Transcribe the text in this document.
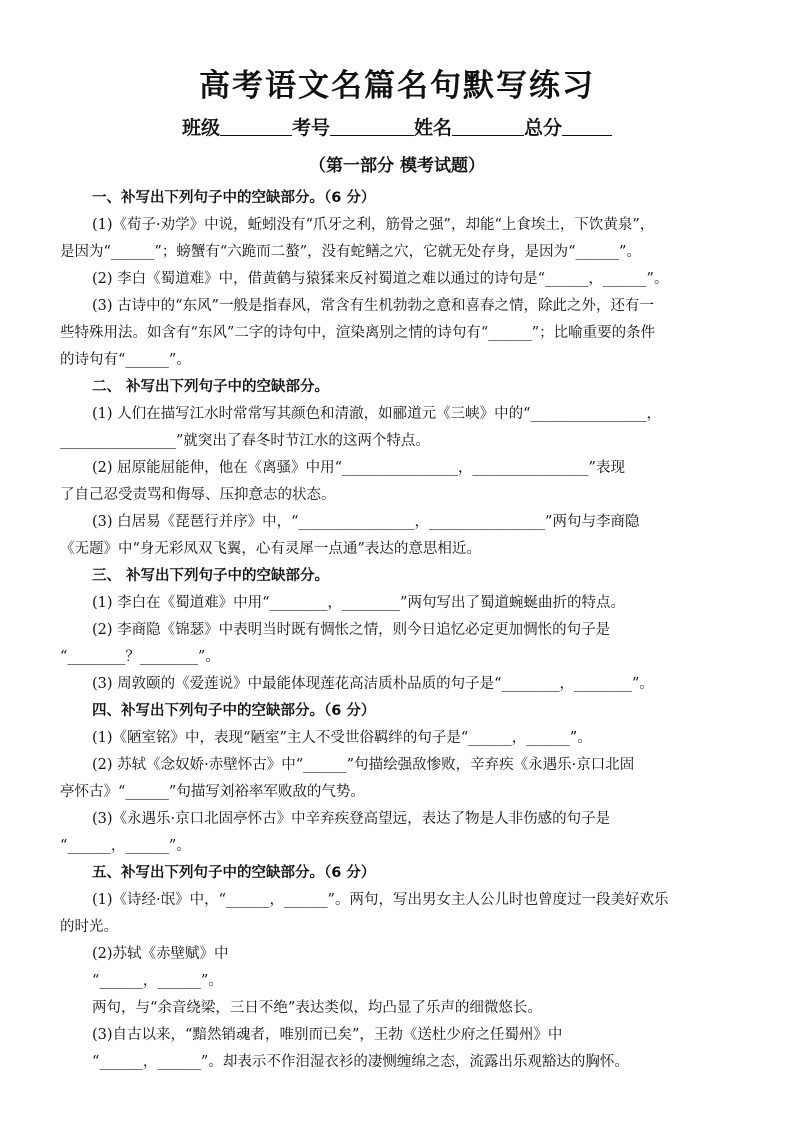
高考语文名篇名句默写练习
班级	考号	姓名	总分
（第一部分 模考试题）
一、补写出下列句子中的空缺部分。（6 分）
(1)《荀子·劝学》中说，蚯蚓没有“爪牙之利，筋骨之强”，却能“上食埃土，下饮黄泉”，
是因为“______”；螃蟹有“六跪而二螯”，没有蛇鳝之穴，它就无处存身，是因为“______”。
(2) 李白《蜀道难》中，借黄鹤与猿猱来反衬蜀道之难以通过的诗句是“______，______”。
(3) 古诗中的“东风”一般是指春风，常含有生机勃勃之意和喜春之情，除此之外，还有一
些特殊用法。如含有“东风”二字的诗句中，渲染离别之情的诗句有“______”；比喻重要的条件
的诗句有“______”。
二、 补写出下列句子中的空缺部分。
(1) 人们在描写江水时常常写其颜色和清澈，如郦道元《三峡》中的“________________，
________________”就突出了春冬时节江水的这两个特点。
(2) 屈原能屈能伸，他在《离骚》中用“________________，________________”表现
了自己忍受责骂和侮辱、压抑意志的状态。
(3) 白居易《琵琶行并序》中，“________________，________________”两句与李商隐
《无题》中“身无彩凤双飞翼，心有灵犀一点通”表达的意思相近。
三、 补写出下列句子中的空缺部分。
(1) 李白在《蜀道难》中用“________，________”两句写出了蜀道蜿蜒曲折的特点。
(2) 李商隐《锦瑟》中表明当时既有惆怅之情，则今日追忆必定更加惆怅的句子是
“________？________”。
(3) 周敦颐的《爱莲说》中最能体现莲花高洁质朴品质的句子是“________，________”。
四、补写出下列句子中的空缺部分。（6 分）
(1)《陋室铭》中，表现“陋室”主人不受世俗羁绊的句子是“______，______”。
(2) 苏轼《念奴娇·赤壁怀古》中“______”句描绘强敌惨败，辛弃疾《永遇乐·京口北固
亭怀古》“______”句描写刘裕率军败敌的气势。
(3)《永遇乐·京口北固亭怀古》中辛弃疾登高望远，表达了物是人非伤感的句子是
“______，______”。
五、补写出下列句子中的空缺部分。（6 分）
(1)《诗经·氓》中，“______，______”。两句，写出男女主人公儿时也曾度过一段美好欢乐
的时光。
(2)苏轼《赤壁赋》中
“______，______”。
两句，与“余音绕梁，三日不绝”表达类似，均凸显了乐声的细微悠长。
(3)自古以来，“黯然销魂者，唯别而已矣”，王勃《送杜少府之任蜀州》中
“______，______”。却表示不作泪湿衣衫的凄恻缠绵之态，流露出乐观豁达的胸怀。
